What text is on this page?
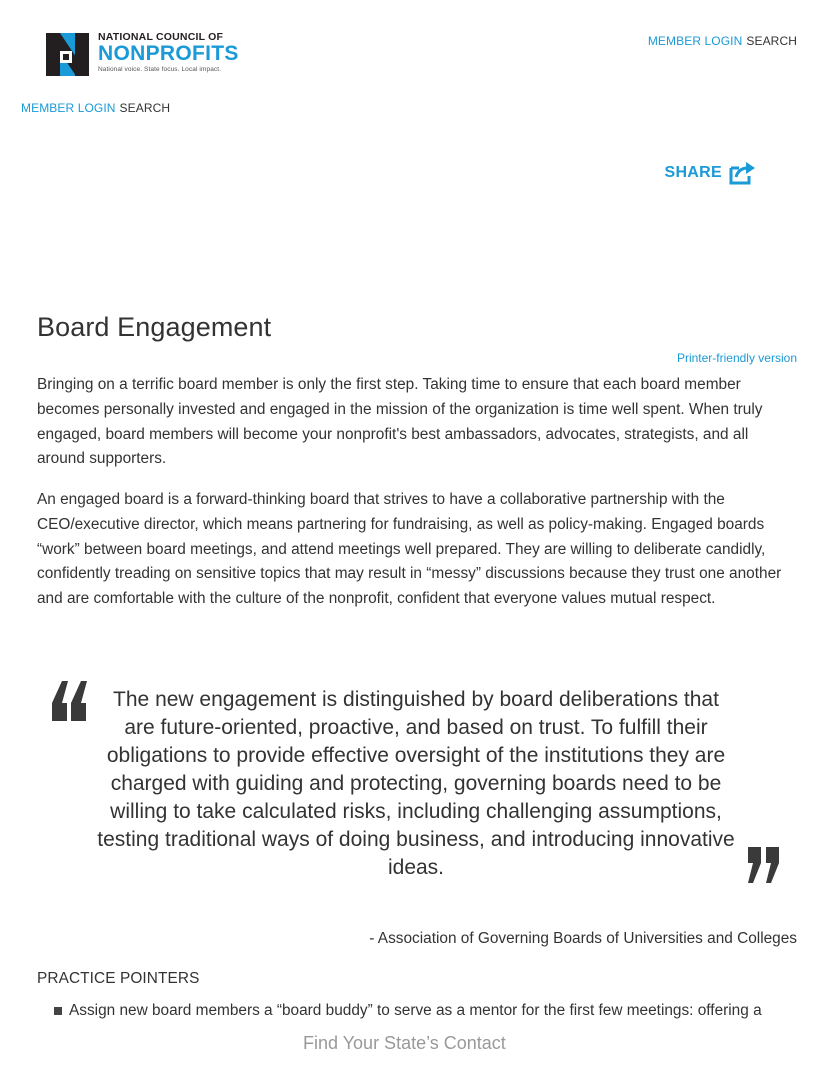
NATIONAL COUNCIL OF
NONPROFITS
National voice. State focus. Local impact.
MEMBER LOGIN SEARCH
MEMBER LOGIN SEARCH
SHARE
Board Engagement
Printer-friendly version

Bringing on a terrific board member is only the first step. Taking time to ensure that each board member becomes personally invested and engaged in the mission of the organization is time well spent. When truly engaged, board members will become your nonprofit's best ambassadors, advocates, strategists, and all around supporters.

An engaged board is a forward-thinking board that strives to have a collaborative partnership with the CEO/executive director, which means partnering for fundraising, as well as policy-making. Engaged boards “work” between board meetings, and attend meetings well prepared. They are willing to deliberate candidly, confidently treading on sensitive topics that may result in “messy” discussions because they trust one another and are comfortable with the culture of the nonprofit, confident that everyone values mutual respect.

The new engagement is distinguished by board deliberations that are future-oriented, proactive, and based on trust. To fulfill their obligations to provide effective oversight of the institutions they are charged with guiding and protecting, governing boards need to be willing to take calculated risks, including challenging assumptions, testing traditional ways of doing business, and introducing innovative ideas.

- Association of Governing Boards of Universities and Colleges
PRACTICE POINTERS
Assign new board members a “board buddy” to serve as a mentor for the first few meetings: offering a
Find Your State’s Contact
